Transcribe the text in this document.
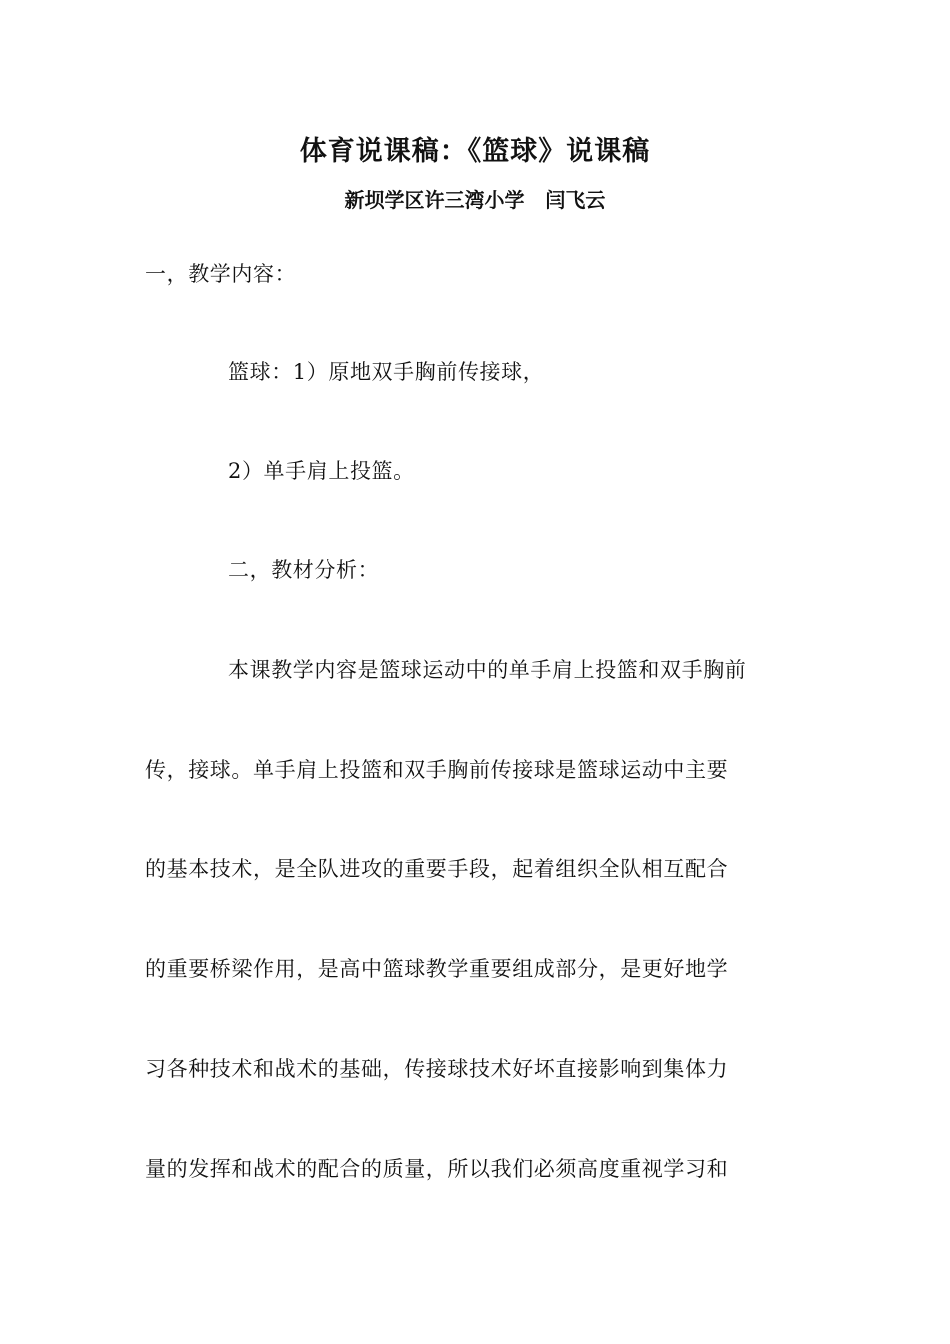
体育说课稿：《篮球》说课稿
新坝学区许三湾小学   闫飞云
一，教学内容：
篮球：1）原地双手胸前传接球，
2）单手肩上投篮。
二，教材分析：
本课教学内容是篮球运动中的单手肩上投篮和双手胸前
传，接球。单手肩上投篮和双手胸前传接球是篮球运动中主要
的基本技术，是全队进攻的重要手段，起着组织全队相互配合
的重要桥梁作用，是高中篮球教学重要组成部分，是更好地学
习各种技术和战术的基础，传接球技术好坏直接影响到集体力
量的发挥和战术的配合的质量，所以我们必须高度重视学习和
